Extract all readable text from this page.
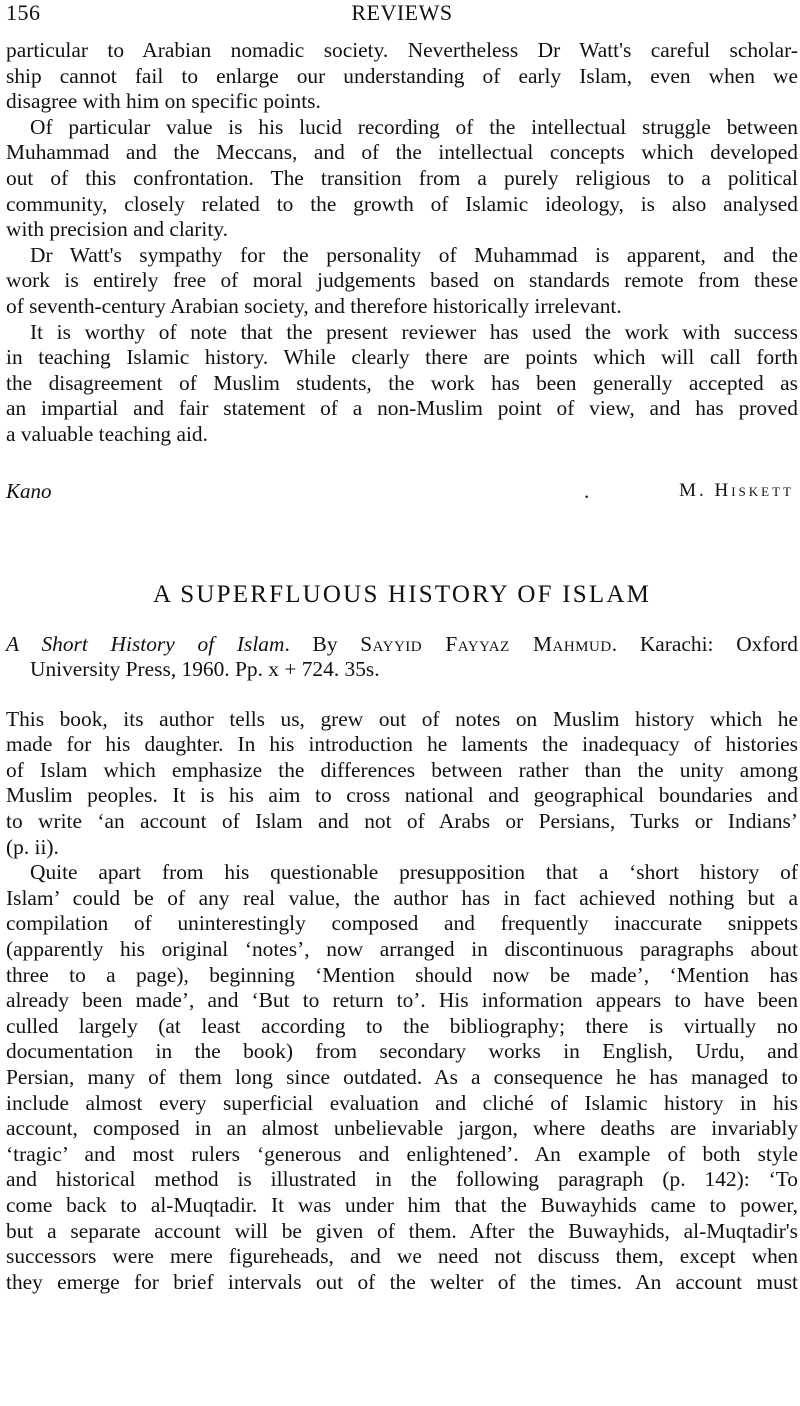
156	REVIEWS

particular to Arabian nomadic society. Nevertheless Dr Watt's careful scholar-
ship cannot fail to enlarge our understanding of early Islam, even when we
disagree with him on specific points.

Of particular value is his lucid recording of the intellectual struggle between
Muhammad and the Meccans, and of the intellectual concepts which developed
out of this confrontation. The transition from a purely religious to a political
community, closely related to the growth of Islamic ideology, is also analysed
with precision and clarity.

Dr Watt's sympathy for the personality of Muhammad is apparent, and the
work is entirely free of moral judgements based on standards remote from these
of seventh-century Arabian society, and therefore historically irrelevant.

It is worthy of note that the present reviewer has used the work with success
in teaching Islamic history. While clearly there are points which will call forth
the disagreement of Muslim students, the work has been generally accepted as
an impartial and fair statement of a non-Muslim point of view, and has proved
a valuable teaching aid.

Kano	.	M. Hiskett
A SUPERFLUOUS HISTORY OF ISLAM
A Short History of Islam. By Sayyid Fayyaz Mahmud. Karachi: Oxford
University Press, 1960. Pp. x + 724. 35s.

This book, its author tells us, grew out of notes on Muslim history which he
made for his daughter. In his introduction he laments the inadequacy of histories
of Islam which emphasize the differences between rather than the unity among
Muslim peoples. It is his aim to cross national and geographical boundaries and
to write ‘an account of Islam and not of Arabs or Persians, Turks or Indians’
(p. ii).

Quite apart from his questionable presupposition that a ‘short history of
Islam’ could be of any real value, the author has in fact achieved nothing but a
compilation of uninterestingly composed and frequently inaccurate snippets
(apparently his original ‘notes’, now arranged in discontinuous paragraphs about
three to a page), beginning ‘Mention should now be made’, ‘Mention has
already been made’, and ‘But to return to’. His information appears to have been
culled largely (at least according to the bibliography; there is virtually no
documentation in the book) from secondary works in English, Urdu, and
Persian, many of them long since outdated. As a consequence he has managed to
include almost every superficial evaluation and cliché of Islamic history in his
account, composed in an almost unbelievable jargon, where deaths are invariably
‘tragic’ and most rulers ‘generous and enlightened’. An example of both style
and historical method is illustrated in the following paragraph (p. 142): ‘To
come back to al-Muqtadir. It was under him that the Buwayhids came to power,
but a separate account will be given of them. After the Buwayhids, al-Muqtadir's
successors were mere figureheads, and we need not discuss them, except when
they emerge for brief intervals out of the welter of the times. An account must
